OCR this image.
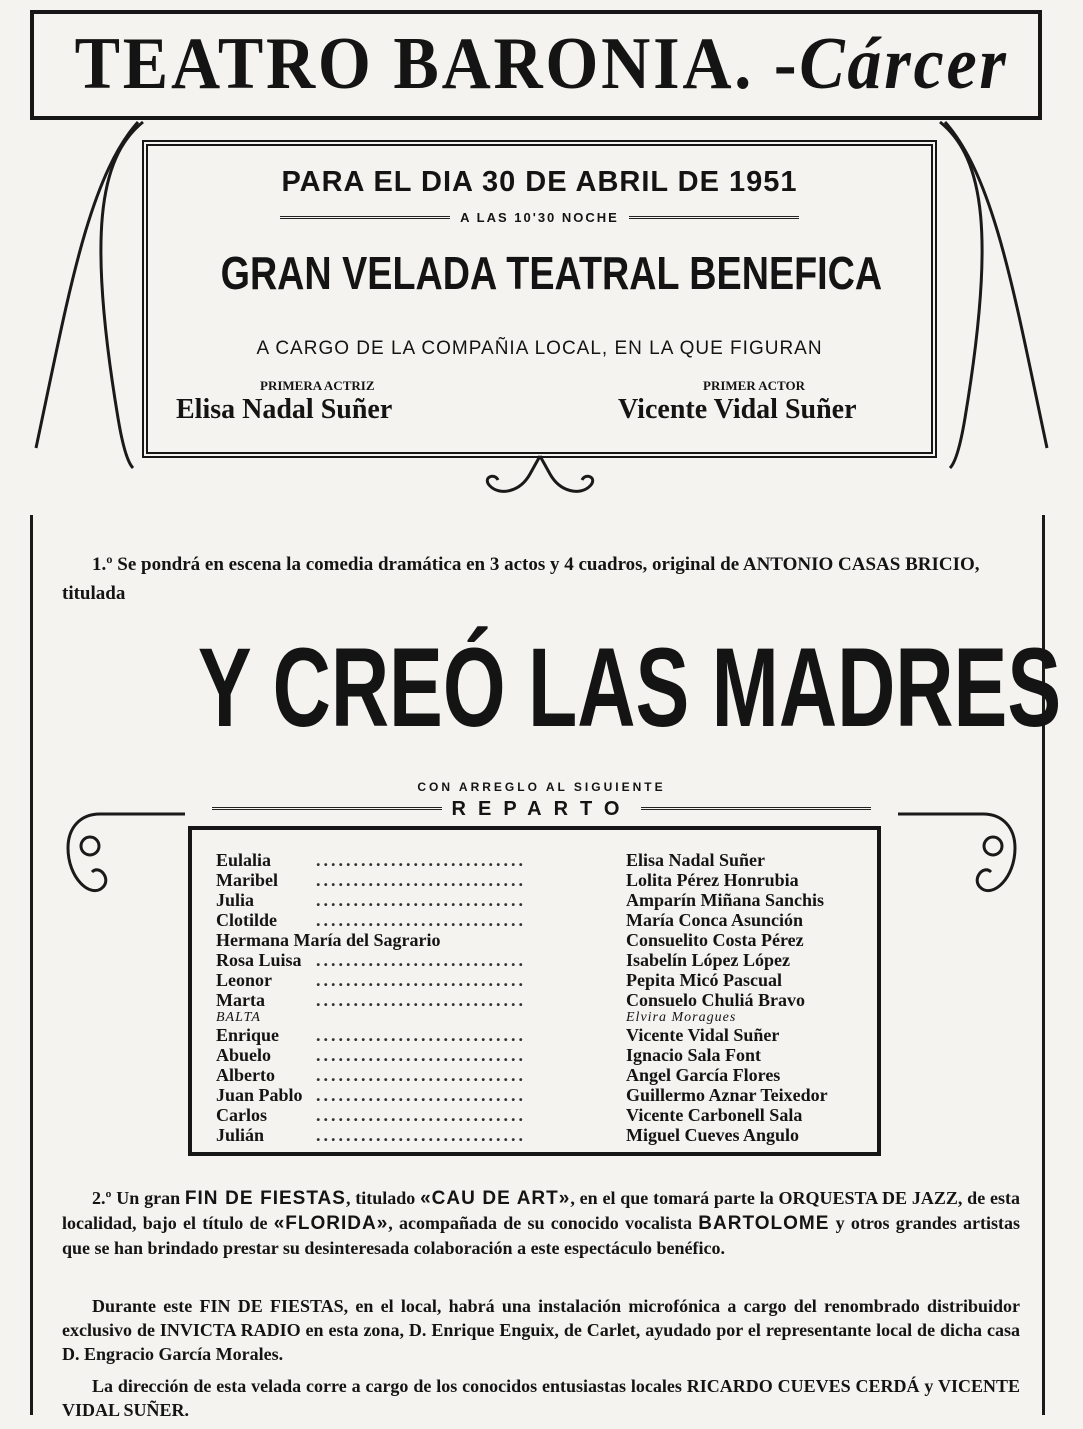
TEATRO BARONIA. -Cárcer
PARA EL DIA 30 DE ABRIL DE 1951
A LAS 10'30 NOCHE
GRAN VELADA TEATRAL BENEFICA
A CARGO DE LA COMPAÑIA LOCAL, EN LA QUE FIGURAN
PRIMERA ACTRIZ
Elisa Nadal Suñer
PRIMER ACTOR
Vicente Vidal Suñer
1.º Se pondrá en escena la comedia dramática en 3 actos y 4 cuadros, original de ANTONIO CASAS BRICIO, titulada
Y CREÓ LAS MADRES
CON ARREGLO AL SIGUIENTE
REPARTO
Eulalia ............................	Elisa Nadal Suñer
Maribel ............................	Lolita Pérez Honrubia
Julia	............................	Amparín Miñana Sanchis
Clotilde ............................	María Conca Asunción
Hermana María del Sagrario	Consuelito Costa Pérez
Rosa Luisa ............................	Isabelín López López
Leonor ............................	Pepita Micó Pascual
Marta	............................	Consuelo Chuliá Bravo
BALTA	Elvira Moragues
Enrique ............................	Vicente Vidal Suñer
Abuelo ............................	Ignacio Sala Font
Alberto ............................	Angel García Flores
Juan Pablo ............................	Guillermo Aznar Teixedor
Carlos	............................	Vicente Carbonell Sala
Julián	............................	Miguel Cueves Angulo
2.º Un gran FIN DE FIESTAS, titulado «CAU DE ART», en el que tomará parte la ORQUESTA DE JAZZ, de esta localidad, bajo el título de «FLORIDA», acompañada de su conocido vocalista BARTOLOME y otros grandes artistas que se han brindado prestar su desinteresada colaboración a este espectáculo benéfico.
Durante este FIN DE FIESTAS, en el local, habrá una instalación microfónica a cargo del renombrado distribuidor exclusivo de INVICTA RADIO en esta zona, D. Enrique Enguix, de Carlet, ayudado por el representante local de dicha casa D. Engracio García Morales.
La dirección de esta velada corre a cargo de los conocidos entusiastas locales RICARDO CUEVES CERDÁ y VICENTE VIDAL SUÑER.
